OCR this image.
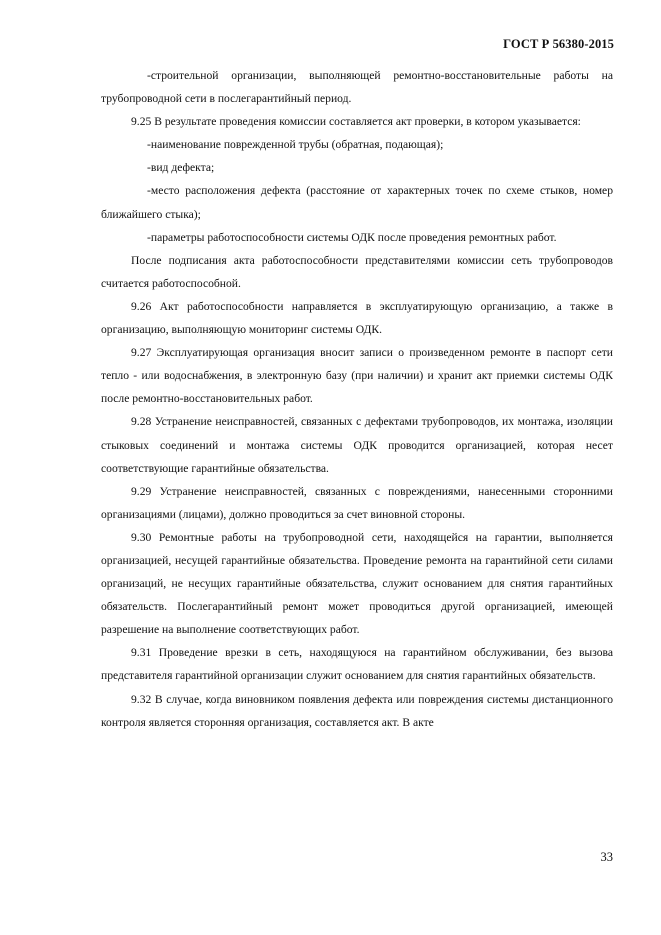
ГОСТ Р 56380-2015

-строительной организации, выполняющей ремонтно-восстановительные работы на трубопроводной сети в послегарантийный период.

9.25 В результате проведения комиссии составляется акт проверки, в котором указывается:

-наименование поврежденной трубы (обратная, подающая);

-вид дефекта;

-место расположения дефекта (расстояние от характерных точек по схеме стыков, номер ближайшего стыка);

-параметры работоспособности системы ОДК после проведения ремонтных работ.

После подписания акта работоспособности представителями комиссии сеть трубопроводов считается работоспособной.

9.26 Акт работоспособности направляется в эксплуатирующую организацию, а также в организацию, выполняющую мониторинг системы ОДК.

9.27 Эксплуатирующая организация вносит записи о произведенном ремонте в паспорт сети тепло - или водоснабжения, в электронную базу (при наличии) и хранит акт приемки системы ОДК после ремонтно-восстановительных работ.

9.28 Устранение неисправностей, связанных с дефектами трубопроводов, их монтажа, изоляции стыковых соединений и монтажа системы ОДК проводится организацией, которая несет соответствующие гарантийные обязательства.

9.29 Устранение неисправностей, связанных с повреждениями, нанесенными сторонними организациями (лицами), должно проводиться за счет виновной стороны.

9.30 Ремонтные работы на трубопроводной сети, находящейся на гарантии, выполняется организацией, несущей гарантийные обязательства. Проведение ремонта на гарантийной сети силами организаций, не несущих гарантийные обязательства, служит основанием для снятия гарантийных обязательств. Послегарантийный ремонт может проводиться другой организацией, имеющей разрешение на выполнение соответствующих работ.

9.31 Проведение врезки в сеть, находящуюся на гарантийном обслуживании, без вызова представителя гарантийной организации служит основанием для снятия гарантийных обязательств.

9.32 В случае, когда виновником появления дефекта или повреждения системы дистанционного контроля является сторонняя организация, составляется акт. В акте

33
